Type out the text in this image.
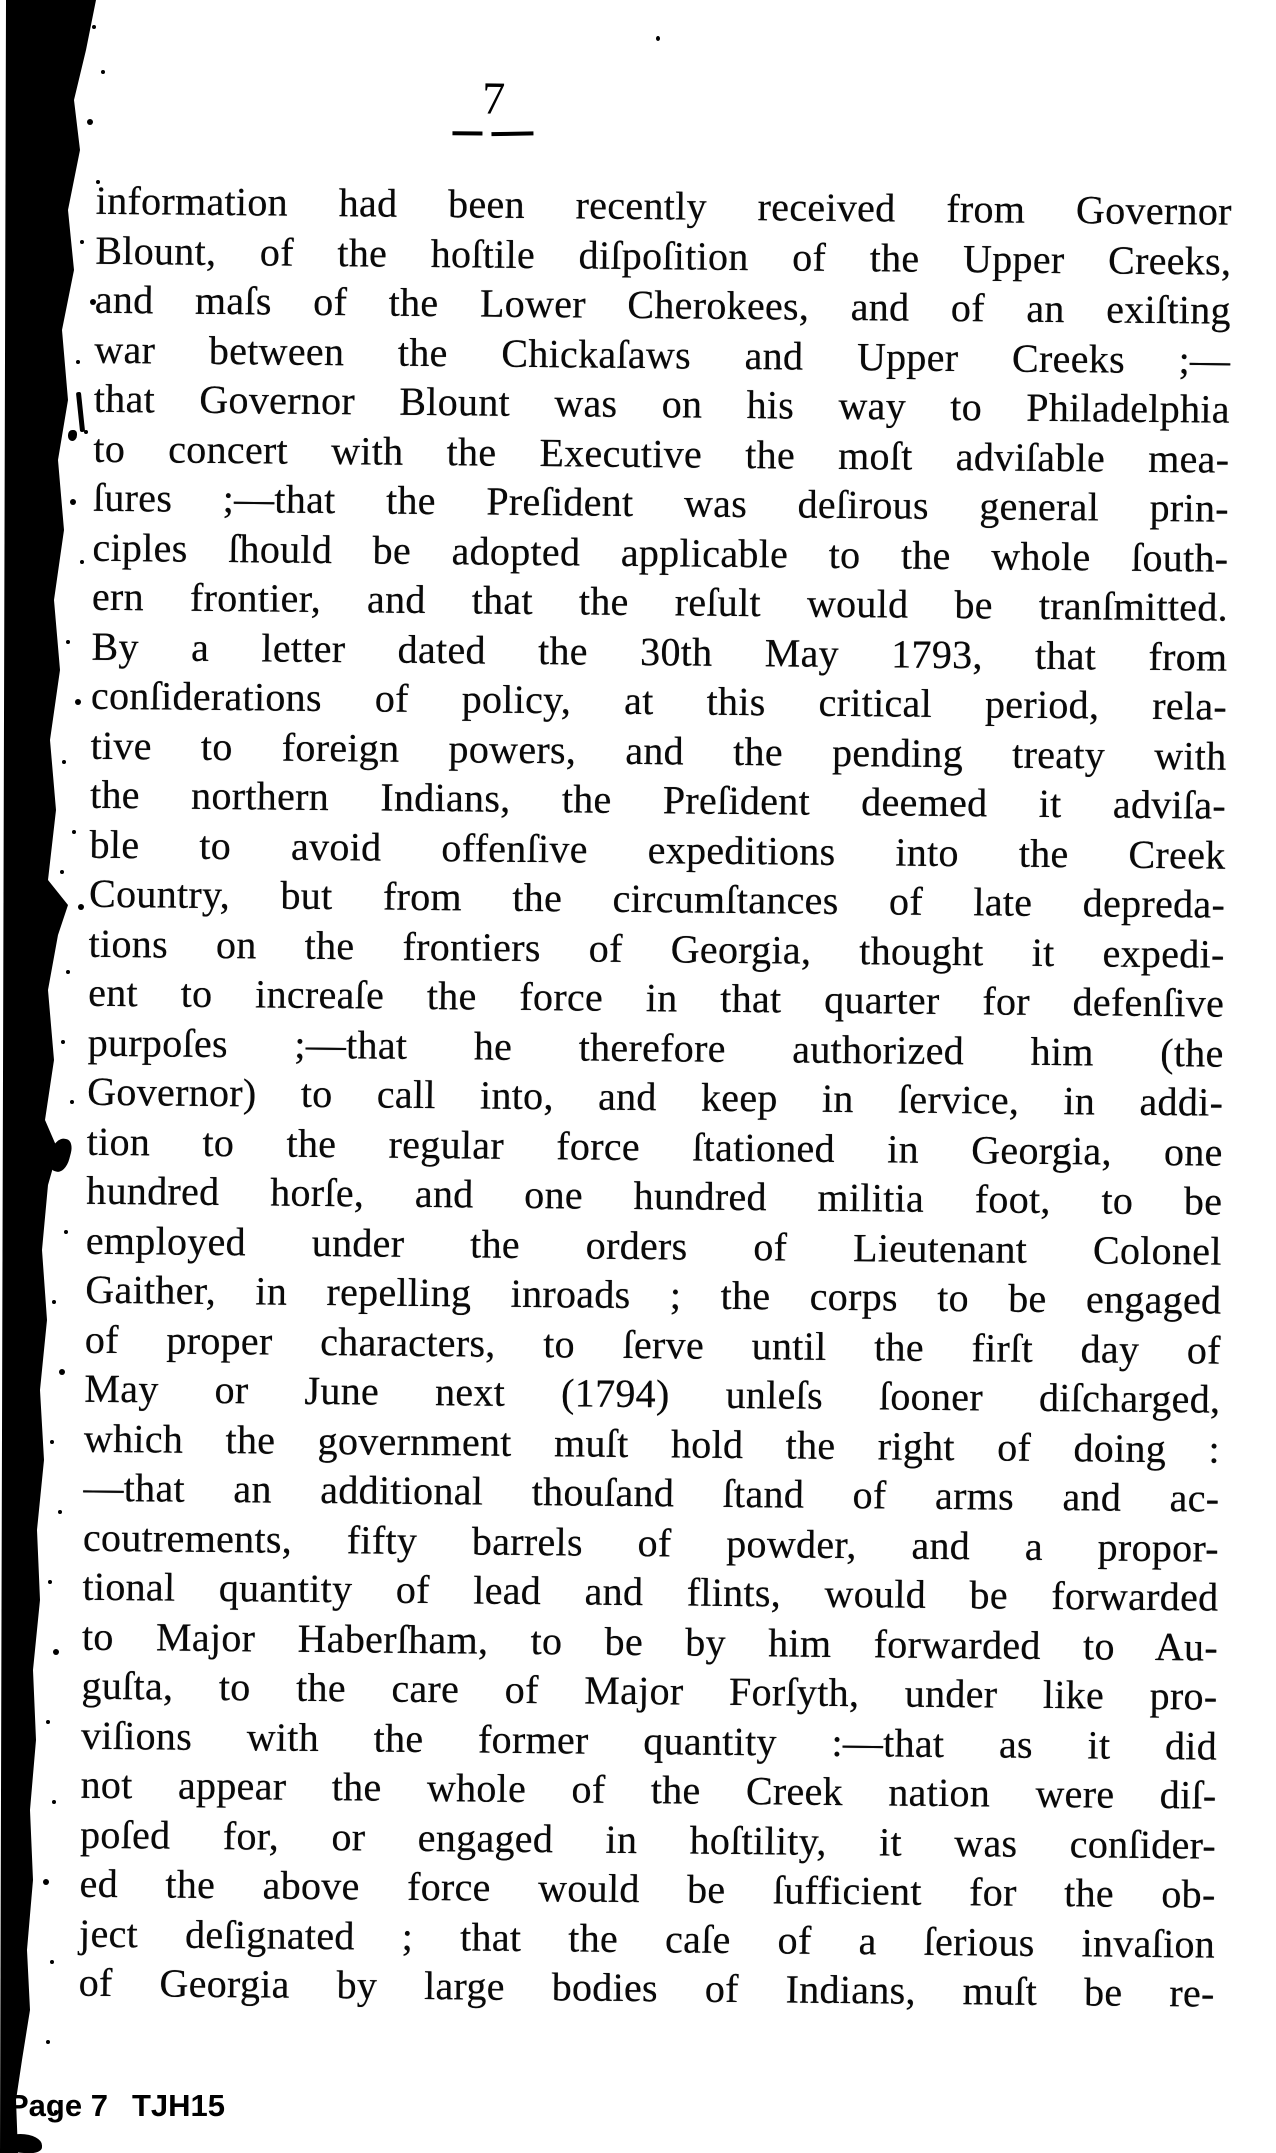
7
information had been recently received from Governor
Blount, of the hoſtile diſpoſition of the Upper Creeks,
and maſs of the Lower Cherokees, and of an exiſting
war between the Chickaſaws and Upper Creeks ;—
that Governor Blount was on his way to Philadelphia
to concert with the Executive the moſt adviſable mea-
ſures ;—that the Preſident was deſirous general prin-
ciples ſhould be adopted applicable to the whole ſouth-
ern frontier, and that the reſult would be tranſmitted.
By a letter dated the 30th May 1793, that from
conſiderations of policy, at this critical period, rela-
tive to foreign powers, and the pending treaty with
the northern Indians, the Preſident deemed it adviſa-
ble to avoid offenſive expeditions into the Creek
Country, but from the circumſtances of late depreda-
tions on the frontiers of Georgia, thought it expedi-
ent to increaſe the force in that quarter for defenſive
purpoſes ;—that he therefore authorized him (the
Governor) to call into, and keep in ſervice, in addi-
tion to the regular force ſtationed in Georgia, one
hundred horſe, and one hundred militia foot, to be
employed under the orders of Lieutenant Colonel
Gaither, in repelling inroads ; the corps to be engaged
of proper characters, to ſerve until the firſt day of
May or June next (1794) unleſs ſooner diſcharged,
which the government muſt hold the right of doing :
—that an additional thouſand ſtand of arms and ac-
coutrements, fifty barrels of powder, and a propor-
tional quantity of lead and flints, would be forwarded
to Major Haberſham, to be by him forwarded to Au-
guſta, to the care of Major Forſyth, under like pro-
viſions with the former quantity :—that as it did
not appear the whole of the Creek nation were diſ-
poſed for, or engaged in hoſtility, it was conſider-
ed the above force would be ſufficient for the ob-
ject deſignated ; that the caſe of a ſerious invaſion
of Georgia by large bodies of Indians, muſt be re-
Page 7 TJH15
